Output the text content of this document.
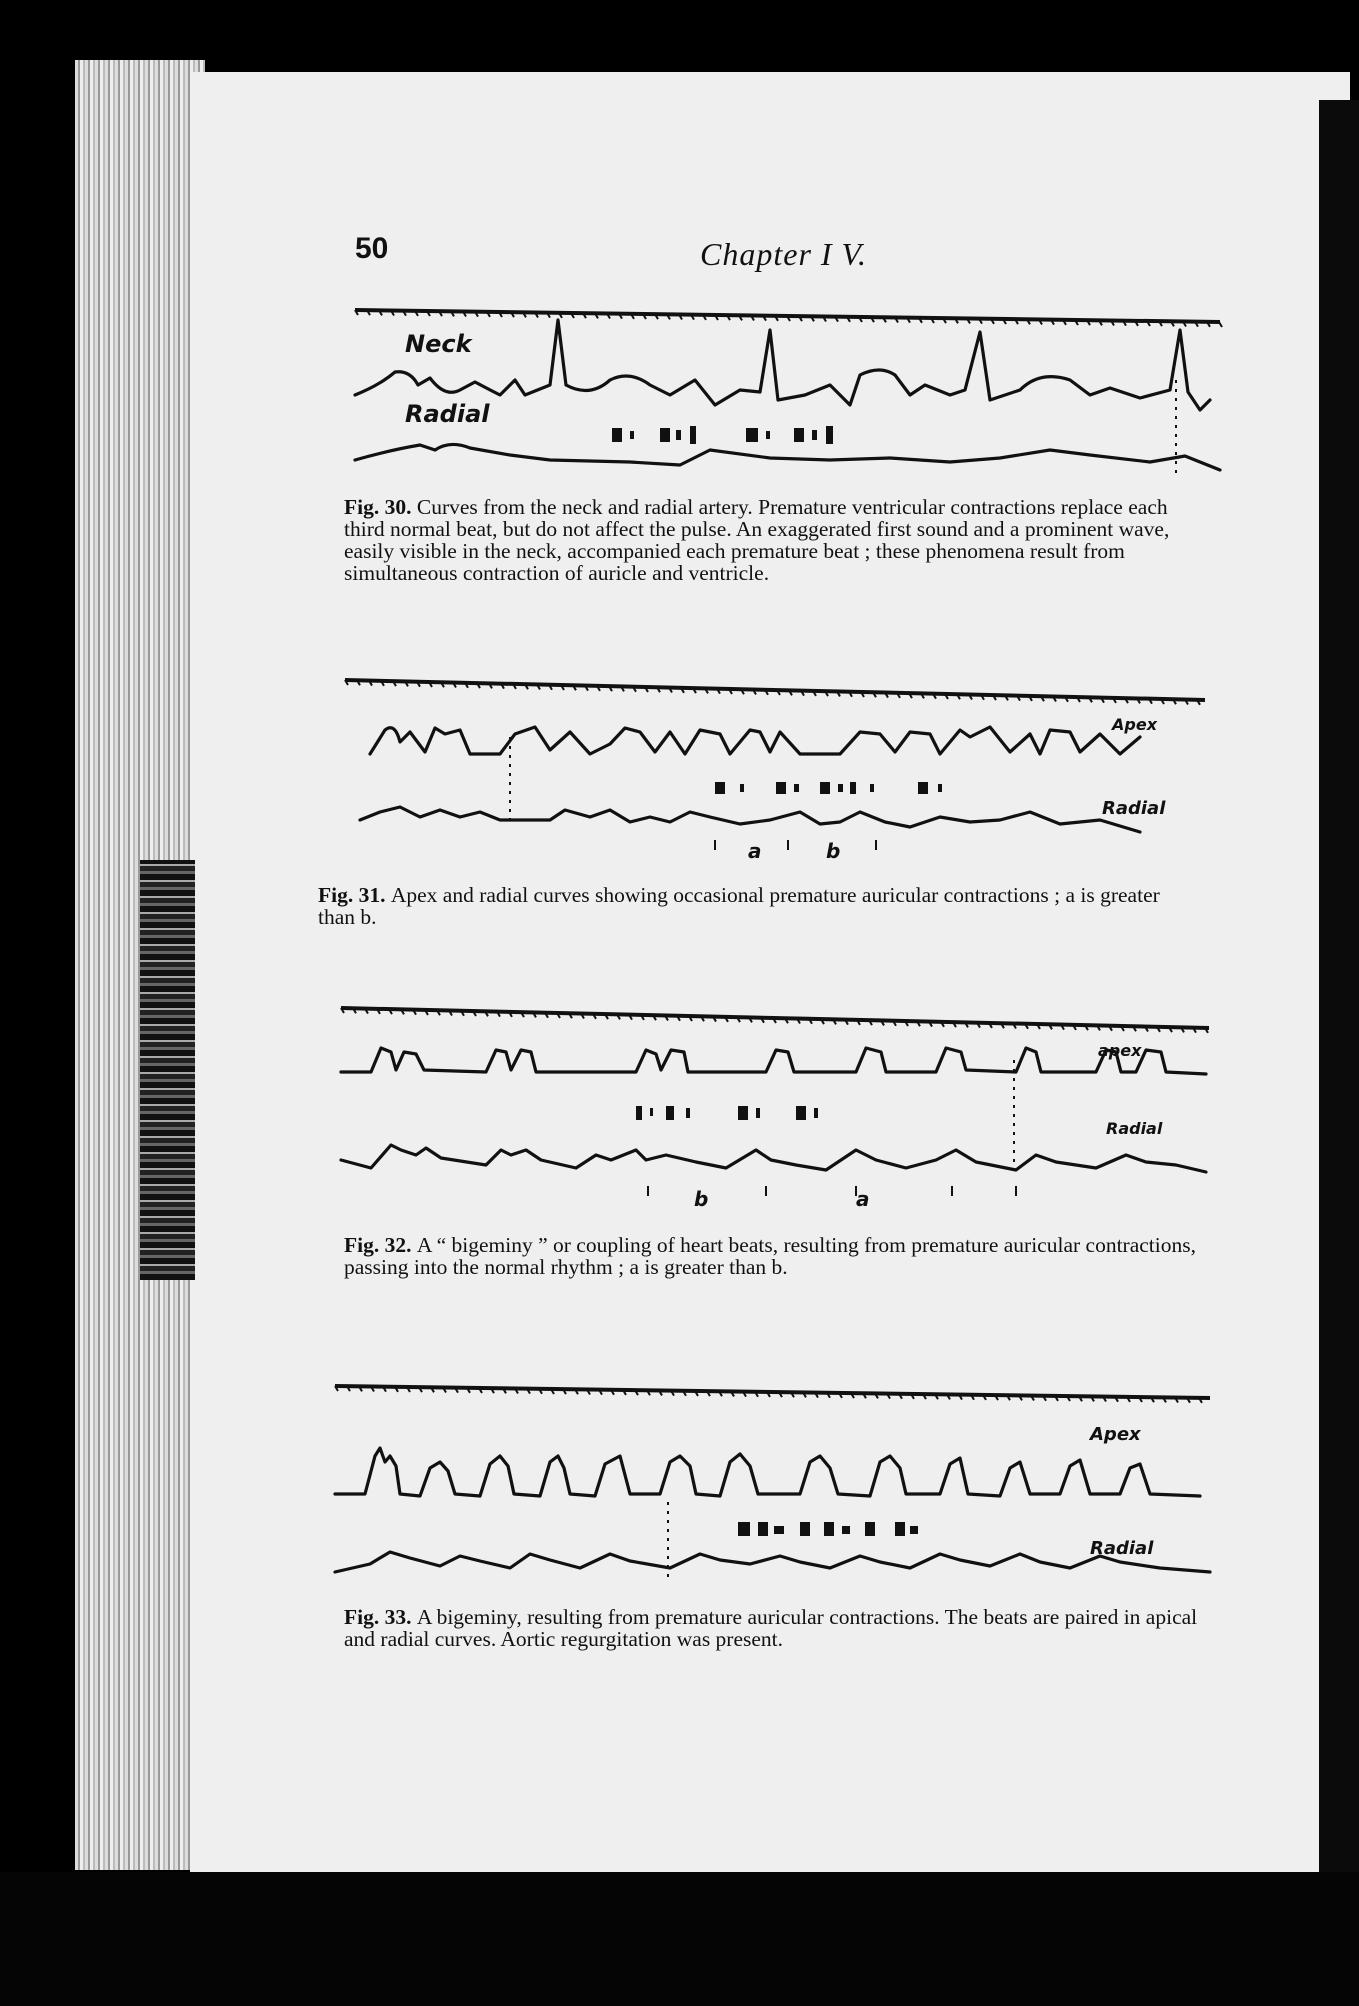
50	Chapter I V.
Neck
Radial
Fig. 30. Curves from the neck and radial artery. Premature ventricular contractions replace each third normal beat, but do not affect the pulse. An exaggerated first sound and a prominent wave, easily visible in the neck, accompanied each premature beat ; these phenomena result from simultaneous contraction of auricle and ventricle.
Apex
Radial
a	b
Fig. 31. Apex and radial curves showing occasional premature auricular contractions ; a is greater than b.
apex
Radial
b	a
Fig. 32. A “ bigeminy ” or coupling of heart beats, resulting from premature auricular contractions, passing into the normal rhythm ; a is greater than b.
Apex
Radial
Fig. 33. A bigeminy, resulting from premature auricular contractions. The beats are paired in apical and radial curves. Aortic regurgitation was present.
